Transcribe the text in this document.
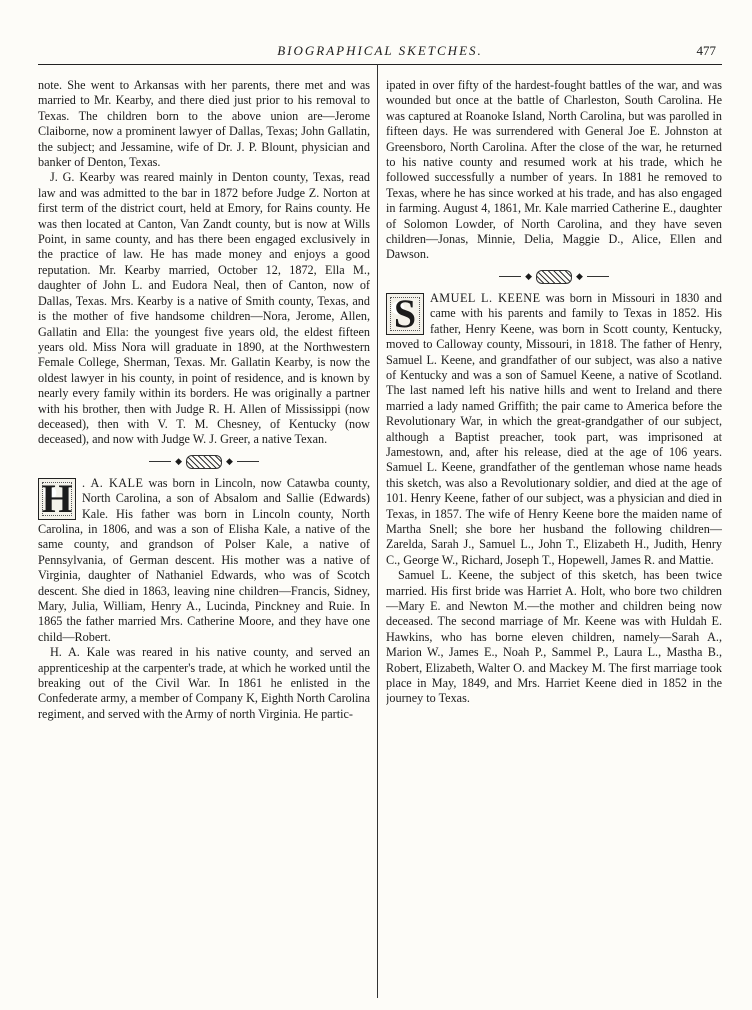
BIOGRAPHICAL SKETCHES.	477

note. She went to Arkansas with her parents, there met and was married to Mr. Kearby, and there died just prior to his removal to Texas. The children born to the above union are—Jerome Claiborne, now a prominent lawyer of Dallas, Texas; John Gallatin, the subject; and Jessamine, wife of Dr. J. P. Blount, physician and banker of Denton, Texas.

J. G. Kearby was reared mainly in Denton county, Texas, read law and was admitted to the bar in 1872 before Judge Z. Norton at first term of the district court, held at Emory, for Rains county. He was then located at Canton, Van Zandt county, but is now at Wills Point, in same county, and has there been engaged exclusively in the practice of law. He has made money and enjoys a good reputation. Mr. Kearby married, October 12, 1872, Ella M., daughter of John L. and Eudora Neal, then of Canton, now of Dallas, Texas. Mrs. Kearby is a native of Smith county, Texas, and is the mother of five handsome children—Nora, Jerome, Allen, Gallatin and Ella: the youngest five years old, the eldest fifteen years old. Miss Nora will graduate in 1890, at the Northwestern Female College, Sherman, Texas. Mr. Gallatin Kearby, is now the oldest lawyer in his county, in point of residence, and is known by nearly every family within its borders. He was originally a partner with his brother, then with Judge R. H. Allen of Mississippi (now deceased), then with V. T. M. Chesney, of Kentucky (now deceased), and now with Judge W. J. Greer, a native Texan.

◆	◆

H . A. KALE was born in Lincoln, now Catawba county, North Carolina, a son of Absalom and Sallie (Edwards) Kale. His father was born in Lincoln county, North Carolina, in 1806, and was a son of Elisha Kale, a native of the same county, and grandson of Polser Kale, a native of Pennsylvania, of German descent. His mother was a native of Virginia, daughter of Nathaniel Edwards, who was of Scotch descent. She died in 1863, leaving nine children—Francis, Sidney, Mary, Julia, William, Henry A., Lucinda, Pinckney and Ruie. In 1865 the father married Mrs. Catherine Moore, and they have one child—Robert.

H. A. Kale was reared in his native county, and served an apprenticeship at the carpenter's trade, at which he worked until the breaking out of the Civil War. In 1861 he enlisted in the Confederate army, a member of Company K, Eighth North Carolina regiment, and served with the Army of north Virginia. He partic-

ipated in over fifty of the hardest-fought battles of the war, and was wounded but once at the battle of Charleston, South Carolina. He was captured at Roanoke Island, North Carolina, but was parolled in fifteen days. He was surrendered with General Joe E. Johnston at Greensboro, North Carolina. After the close of the war, he returned to his native county and resumed work at his trade, which he followed successfully a number of years. In 1881 he removed to Texas, where he has since worked at his trade, and has also engaged in farming. August 4, 1861, Mr. Kale married Catherine E., daughter of Solomon Lowder, of North Carolina, and they have seven children—Jonas, Minnie, Delia, Maggie D., Alice, Ellen and Dawson.

◆	◆

S	AMUEL L. KEENE was born in Missouri in 1830 and came with his parents and family to Texas in 1852. His father, Henry Keene, was born in Scott county, Kentucky, moved to Calloway county, Missouri, in 1818. The father of Henry, Samuel L. Keene, and grandfather of our subject, was also a native of Kentucky and was a son of Samuel Keene, a native of Scotland. The last named left his native hills and went to Ireland and there married a lady named Griffith; the pair came to America before the Revolutionary War, in which the great-grandgather of our subject, although a Baptist preacher, took part, was imprisoned at Jamestown, and, after his release, died at the age of 106 years. Samuel L. Keene, grandfather of the gentleman whose name heads this sketch, was also a Revolutionary soldier, and died at the age of 101. Henry Keene, father of our subject, was a physician and died in Texas, in 1857. The wife of Henry Keene bore the maiden name of Martha Snell; she bore her husband the following children—Zarelda, Sarah J., Samuel L., John T., Elizabeth H., Judith, Henry C., George W., Richard, Joseph T., Hopewell, James R. and Mattie.

Samuel L. Keene, the subject of this sketch, has been twice married. His first bride was Harriet A. Holt, who bore two children—Mary E. and Newton M.—the mother and children being now deceased. The second marriage of Mr. Keene was with Huldah E. Hawkins, who has borne eleven children, namely—Sarah A., Marion W., James E., Noah P., Sammel P., Laura L., Mastha B., Robert, Elizabeth, Walter O. and Mackey M. The first marriage took place in May, 1849, and Mrs. Harriet Keene died in 1852 in the journey to Texas.
